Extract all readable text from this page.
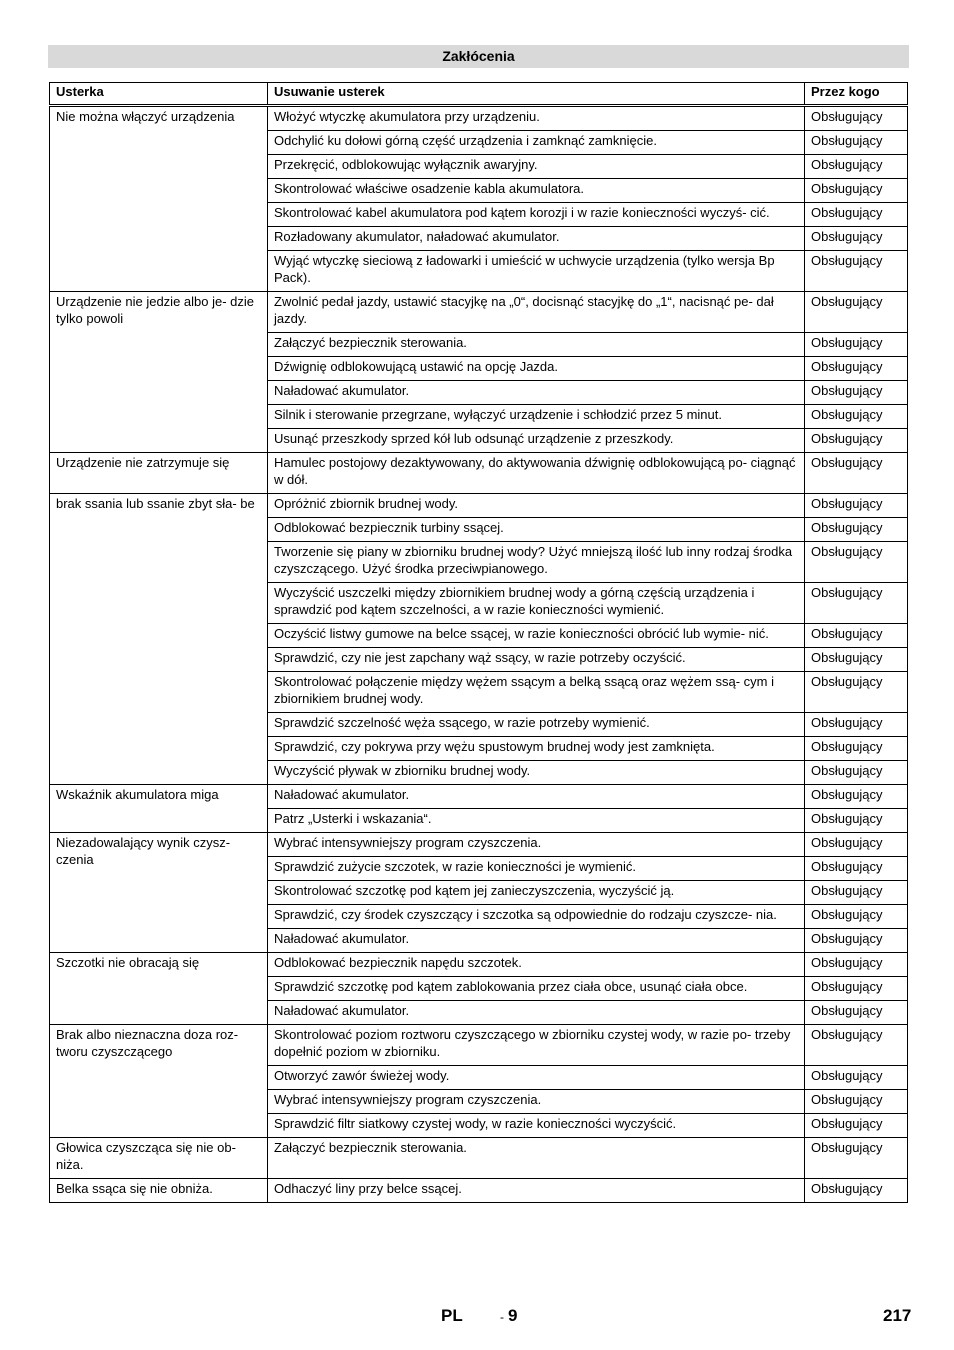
Zakłócenia
Usterka	Usuwanie usterek	Przez kogo
Nie można włączyć urządzenia	Włożyć wtyczkę akumulatora przy urządzeniu.	Obsługujący
	Odchylić ku dołowi górną część urządzenia i zamknąć zamknięcie.	Obsługujący
	Przekręcić, odblokowując wyłącznik awaryjny.	Obsługujący
	Skontrolować właściwe osadzenie kabla akumulatora.	Obsługujący
	Skontrolować kabel akumulatora pod kątem korozji i w razie konieczności wyczyś- cić.	Obsługujący
	Rozładowany akumulator, naładować akumulator.	Obsługujący
	Wyjąć wtyczkę sieciową z ładowarki i umieścić w uchwycie urządzenia (tylko wersja Bp Pack).	Obsługujący
Urządzenie nie jedzie albo je- dzie tylko powoli	Zwolnić pedał jazdy, ustawić stacyjkę na „0“, docisnąć stacyjkę do „1“, nacisnąć pe- dał jazdy.	Obsługujący
	Załączyć bezpiecznik sterowania.	Obsługujący
	Dźwignię odblokowującą ustawić na opcję Jazda.	Obsługujący
	Naładować akumulator.	Obsługujący
	Silnik i sterowanie przegrzane, wyłączyć urządzenie i schłodzić przez 5 minut.	Obsługujący
	Usunąć przeszkody sprzed kół lub odsunąć urządzenie z przeszkody.	Obsługujący
Urządzenie nie zatrzymuje się	Hamulec postojowy dezaktywowany, do aktywowania dźwignię odblokowującą po- ciągnąć w dół.	Obsługujący
brak ssania lub ssanie zbyt sła- be	Opróżnić zbiornik brudnej wody.	Obsługujący
	Odblokować bezpiecznik turbiny ssącej.	Obsługujący
	Tworzenie się piany w zbiorniku brudnej wody? Użyć mniejszą ilość lub inny rodzaj środka czyszczącego. Użyć środka przeciwpianowego.	Obsługujący
	Wyczyścić uszczelki między zbiornikiem brudnej wody a górną częścią urządzenia i sprawdzić pod kątem szczelności, a w razie konieczności wymienić.	Obsługujący
	Oczyścić listwy gumowe na belce ssącej, w razie konieczności obrócić lub wymie- nić.	Obsługujący
	Sprawdzić, czy nie jest zapchany wąż ssący, w razie potrzeby oczyścić.	Obsługujący
	Skontrolować połączenie między wężem ssącym a belką ssącą oraz wężem ssą- cym i zbiornikiem brudnej wody.	Obsługujący
	Sprawdzić szczelność węża ssącego, w razie potrzeby wymienić.	Obsługujący
	Sprawdzić, czy pokrywa przy wężu spustowym brudnej wody jest zamknięta.	Obsługujący
	Wyczyścić pływak w zbiorniku brudnej wody.	Obsługujący
Wskaźnik akumulatora miga	Naładować akumulator.	Obsługujący
	Patrz „Usterki i wskazania“.	Obsługujący
Niezadowalający wynik czysz- czenia	Wybrać intensywniejszy program czyszczenia.	Obsługujący
	Sprawdzić zużycie szczotek, w razie konieczności je wymienić.	Obsługujący
	Skontrolować szczotkę pod kątem jej zanieczyszczenia, wyczyścić ją.	Obsługujący
	Sprawdzić, czy środek czyszczący i szczotka są odpowiednie do rodzaju czyszcze- nia.	Obsługujący
	Naładować akumulator.	Obsługujący
Szczotki nie obracają się	Odblokować bezpiecznik napędu szczotek.	Obsługujący
	Sprawdzić szczotkę pod kątem zablokowania przez ciała obce, usunąć ciała obce.	Obsługujący
	Naładować akumulator.	Obsługujący
Brak albo nieznaczna doza roz- tworu czyszczącego	Skontrolować poziom roztworu czyszczącego w zbiorniku czystej wody, w razie po- trzeby dopełnić poziom w zbiorniku.	Obsługujący
	Otworzyć zawór świeżej wody.	Obsługujący
	Wybrać intensywniejszy program czyszczenia.	Obsługujący
	Sprawdzić filtr siatkowy czystej wody, w razie konieczności wyczyścić.	Obsługujący
Głowica czyszcząca się nie ob- niża.	Załączyć bezpiecznik sterowania.	Obsługujący
Belka ssąca się nie obniża.	Odhaczyć liny przy belce ssącej.	Obsługujący
PL	- 9	217
